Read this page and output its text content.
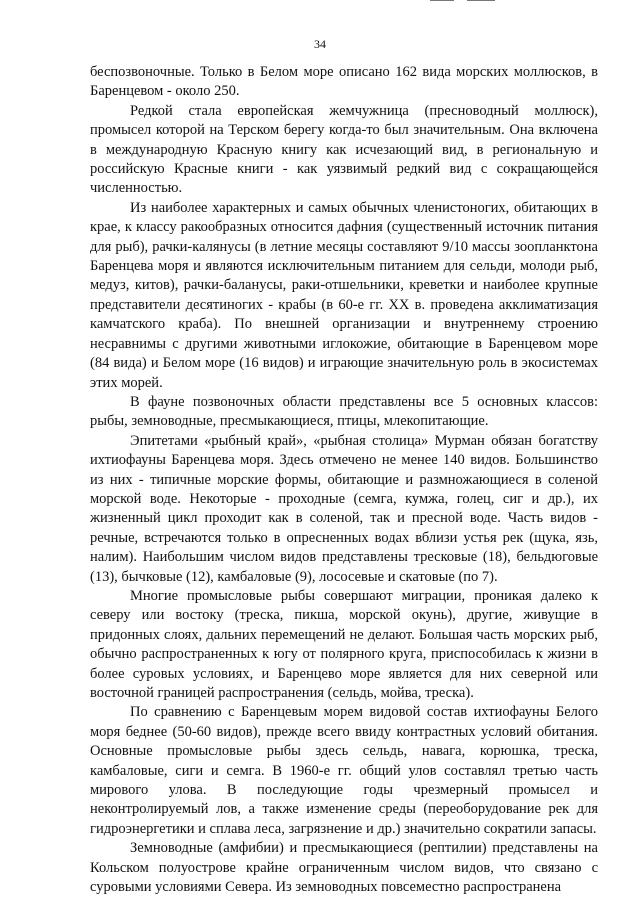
34

беспозвоночные. Только в Белом море описано 162 вида морских моллюсков, в Баренцевом - около 250.

Редкой стала европейская жемчужница (пресноводный моллюск), промысел которой на Терском берегу когда-то был значительным. Она включена в международную Красную книгу как исчезающий вид, в региональную и российскую Красные книги - как уязвимый редкий вид с сокращающейся численностью.

Из наиболее характерных и самых обычных членистоногих, обитающих в крае, к классу ракообразных относится дафния (существенный источник питания для рыб), рачки-калянусы (в летние месяцы составляют 9/10 массы зоопланктона Баренцева моря и являются исключительным питанием для сельди, молоди рыб, медуз, китов), рачки-баланусы, раки-отшельники, креветки и наиболее крупные представители десятиногих - крабы (в 60-е гг. XX в. проведена акклиматизация камчатского краба). По внешней организации и внутреннему строению несравнимы с другими животными иглокожие, обитающие в Баренцевом море (84 вида) и Белом море (16 видов) и играющие значительную роль в экосистемах этих морей.

В фауне позвоночных области представлены все 5 основных классов: рыбы, земноводные, пресмыкающиеся, птицы, млекопитающие.

Эпитетами «рыбный край», «рыбная столица» Мурман обязан богатству ихтиофауны Баренцева моря. Здесь отмечено не менее 140 видов. Большинство из них - типичные морские формы, обитающие и размножающиеся в соленой морской воде. Некоторые - проходные (семга, кумжа, голец, сиг и др.), их жизненный цикл проходит как в соленой, так и пресной воде. Часть видов - речные, встречаются только в опресненных водах вблизи устья рек (щука, язь, налим). Наибольшим числом видов представлены тресковые (18), бельдюговые (13), бычковые (12), камбаловые (9), лососевые и скатовые (по 7).

Многие промысловые рыбы совершают миграции, проникая далеко к северу или востоку (треска, пикша, морской окунь), другие, живущие в придонных слоях, дальних перемещений не делают. Большая часть морских рыб, обычно распространенных к югу от полярного круга, приспособилась к жизни в более суровых условиях, и Баренцево море является для них северной или восточной границей распространения (сельдь, мойва, треска).

По сравнению с Баренцевым морем видовой состав ихтиофауны Белого моря беднее (50-60 видов), прежде всего ввиду контрастных условий обитания. Основные промысловые рыбы здесь сельдь, навага, корюшка, треска, камбаловые, сиги и семга. В 1960-е гг. общий улов составлял третью часть мирового улова. В последующие годы чрезмерный промысел и неконтролируемый лов, а также изменение среды (переоборудование рек для гидроэнергетики и сплава леса, загрязнение и др.) значительно сократили запасы.

Земноводные (амфибии) и пресмыкающиеся (рептилии) представлены на Кольском полуострове крайне ограниченным числом видов, что связано с суровыми условиями Севера. Из земноводных повсеместно распространена
